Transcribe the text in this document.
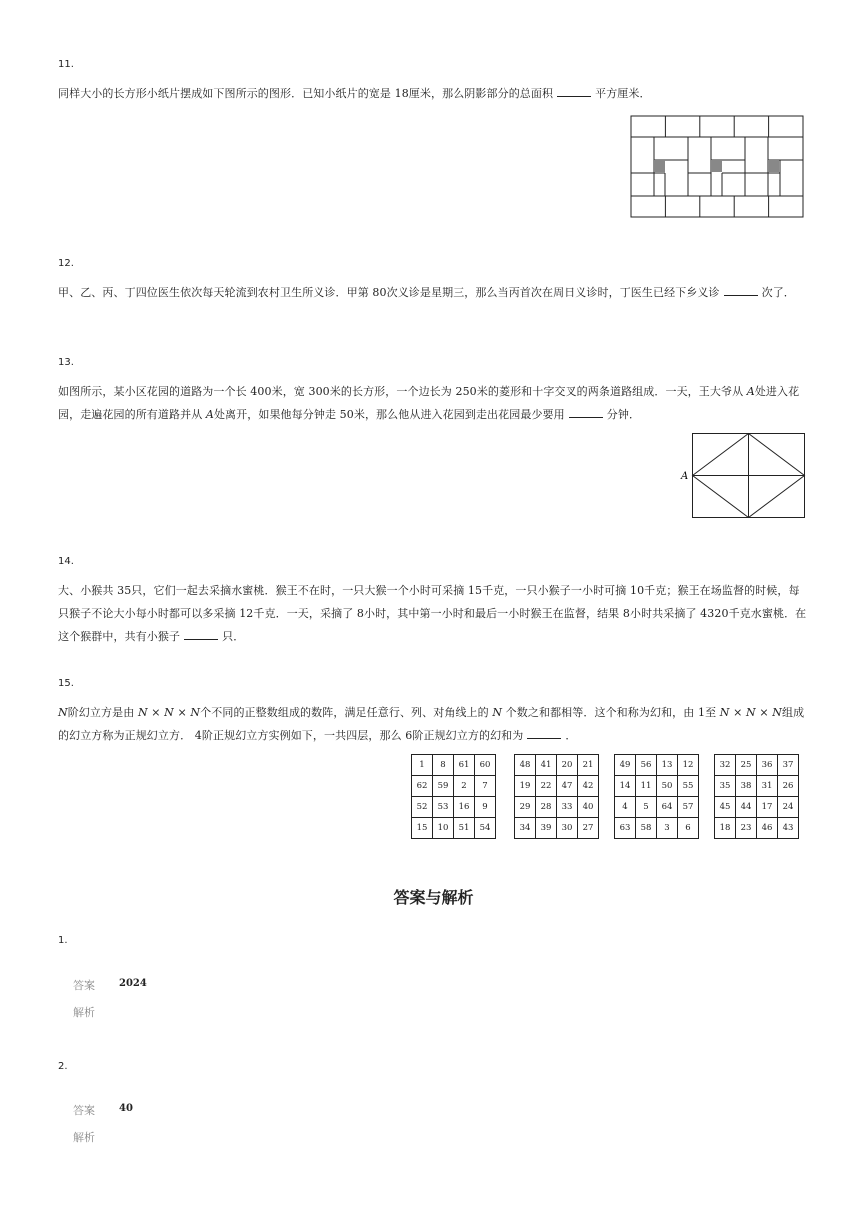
11.
同样大小的长方形小纸片摆成如下图所示的图形．已知小纸片的宽是 18厘米，那么阴影部分的总面积	平方厘米．
12.
甲、乙、丙、丁四位医生依次每天轮流到农村卫生所义诊．甲第 80次义诊是星期三，那么当丙首次在周日义诊时，丁医生已经下乡义诊	次了．
13.
如图所示，某小区花园的道路为一个长 400米，宽 300米的长方形，一个边长为 250米的菱形和十字交叉的两条道路组成．一天，王大爷从 A处进入花园，走遍花园的所有道路并从 A处离开，如果他每分钟走 50米，那么他从进入花园到走出花园最少要用	分钟．
A
14.
大、小猴共 35只，它们一起去采摘水蜜桃．猴王不在时，一只大猴一个小时可采摘 15千克，一只小猴子一小时可摘 10千克；猴王在场监督的时候，每只猴子不论大小每小时都可以多采摘 12千克．一天，采摘了 8小时，其中第一小时和最后一小时猴王在监督，结果 8小时共采摘了 4320千克水蜜桃．在这个猴群中，共有小猴子	只．
15.
N阶幻立方是由 N × N × N个不同的正整数组成的数阵，满足任意行、列、对角线上的 N 个数之和都相等．这个和称为幻和，由 1至 N × N × N组成的幻立方称为正规幻立方． 4阶正规幻立方实例如下，一共四层，那么 6阶正规幻立方的幻和为	．
1	8	61	60
62	59	2	7
52	53	16	9
15	10	51	54
48	41	20	21
19	22	47	42
29	28	33	40
34	39	30	27
49	56	13	12
14	11	50	55
4	5	64	57
63	58	3	6
32	25	36	37
35	38	31	26
45	44	17	24
18	23	46	43
答案与解析
1.
答案 2024
解析
2.
答案 40
解析
